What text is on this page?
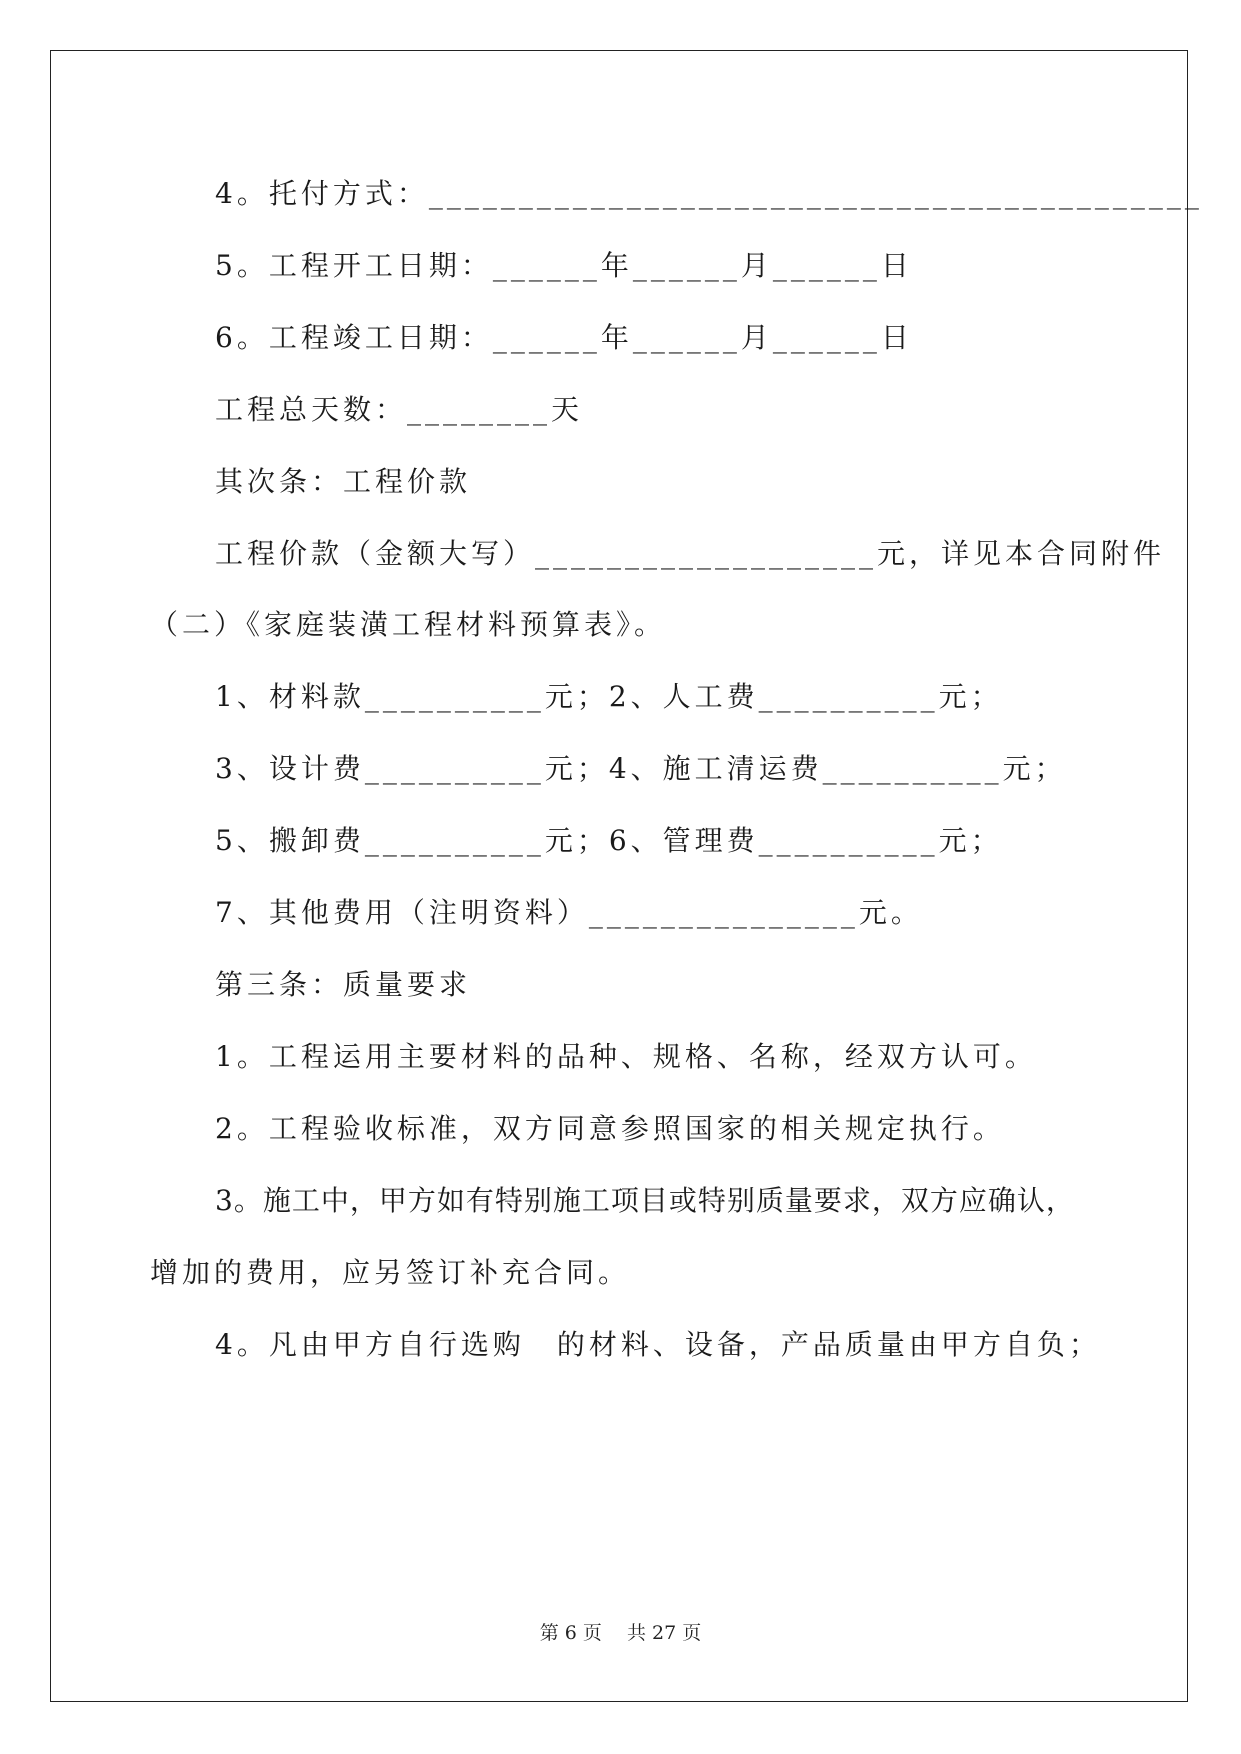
4。托付方式：___________________________________________
5。工程开工日期：______年______月______日
6。工程竣工日期：______年______月______日
工程总天数：________天
其次条：工程价款
工程价款（金额大写）___________________元，详见本合同附件
（二）《家庭装潢工程材料预算表》。
1、材料款__________元；2、人工费__________元；
3、设计费__________元；4、施工清运费__________元；
5、搬卸费__________元；6、管理费__________元；
7、其他费用（注明资料）_______________元。
第三条：质量要求
1。工程运用主要材料的品种、规格、名称，经双方认可。
2。工程验收标准，双方同意参照国家的相关规定执行。
3。施工中，甲方如有特别施工项目或特别质量要求，双方应确认，
增加的费用，应另签订补充合同。
4。凡由甲方自行选购　的材料、设备，产品质量由甲方自负；
第 6 页　 共 27 页
